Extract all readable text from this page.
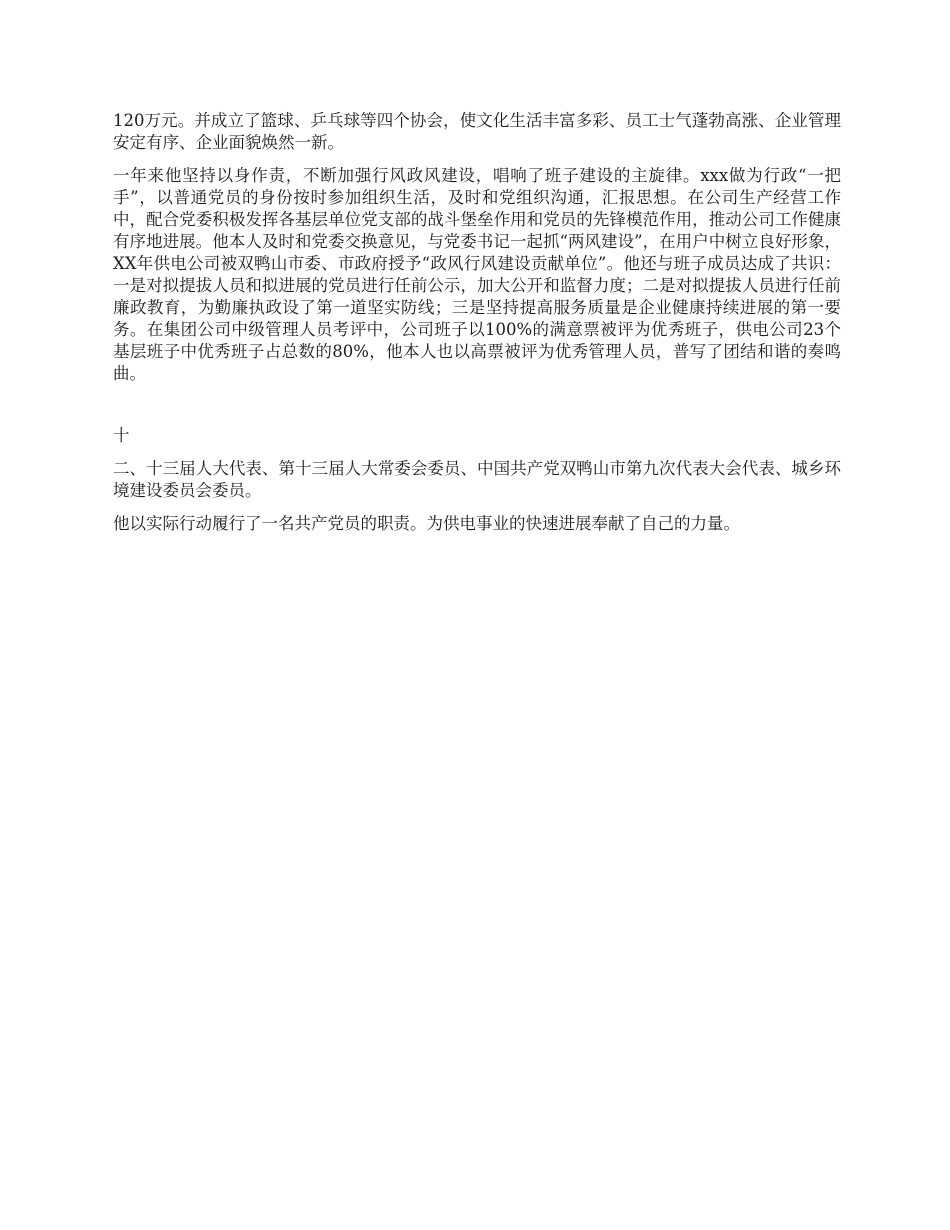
120万元。并成立了篮球、乒乓球等四个协会，使文化生活丰富多彩、员工士气蓬勃高涨、企业管理安定有序、企业面貌焕然一新。

一年来他坚持以身作责，不断加强行风政风建设，唱响了班子建设的主旋律。xxx做为行政“一把手”，以普通党员的身份按时参加组织生活，及时和党组织沟通，汇报思想。在公司生产经营工作中，配合党委积极发挥各基层单位党支部的战斗堡垒作用和党员的先锋模范作用，推动公司工作健康有序地进展。他本人及时和党委交换意见，与党委书记一起抓“两风建设”，在用户中树立良好形象，XX年供电公司被双鸭山市委、市政府授予“政风行风建设贡献单位”。他还与班子成员达成了共识：一是对拟提拔人员和拟进展的党员进行任前公示，加大公开和监督力度；二是对拟提拔人员进行任前廉政教育，为勤廉执政设了第一道坚实防线；三是坚持提高服务质量是企业健康持续进展的第一要务。在集团公司中级管理人员考评中，公司班子以100%的满意票被评为优秀班子，供电公司23个基层班子中优秀班子占总数的80%，他本人也以高票被评为优秀管理人员，普写了团结和谐的奏鸣曲。

十

二、十三届人大代表、第十三届人大常委会委员、中国共产党双鸭山市第九次代表大会代表、城乡环境建设委员会委员。

他以实际行动履行了一名共产党员的职责。为供电事业的快速进展奉献了自己的力量。
